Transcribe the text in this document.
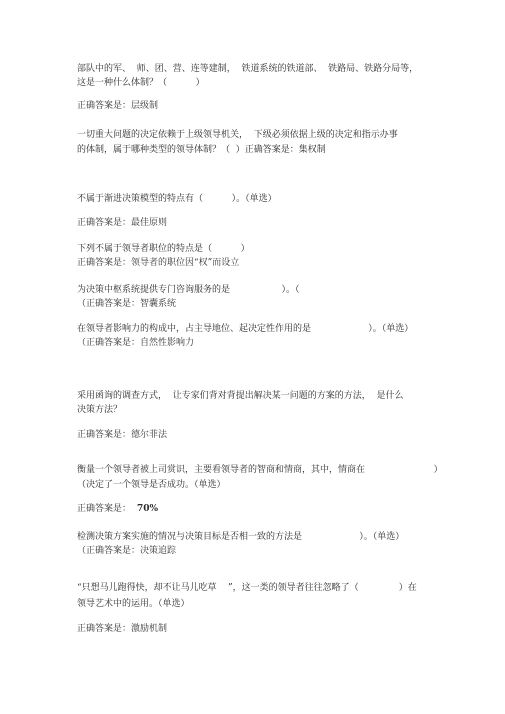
部队中的军、  师、团、营、连等建制，  铁道系统的铁道部、  铁路局、铁路分局等，
这是一种什么体制？（          ）
正确答案是：层级制
一切重大问题的决定依赖于上级领导机关，  下级必须依据上级的决定和指示办事
的体制，属于哪种类型的领导体制？（  ）正确答案是：集权制
不属于渐进决策模型的特点有（          ）。（单选）
正确答案是：最佳原则
下列不属于领导者职位的特点是（          ）
正确答案是：领导者的职位因“权”而设立
为决策中枢系统提供专门咨询服务的是                  ）。（
（正确答案是：智囊系统
在领导者影响力的构成中，占主导地位、起决定性作用的是                    ）。（单选）
（正确答案是：自然性影响力
采用函询的调查方式，  让专家们背对背提出解决某一问题的方案的方法，  是什么
决策方法？
正确答案是：德尔菲法
衡量一个领导者被上司赏识，主要看领导者的智商和情商，其中，情商在                        ）
（决定了一个领导是否成功。（单选）
正确答案是： 70%
检测决策方案实施的情况与决策目标是否相一致的方法是                    ）。（单选）
（正确答案是：决策追踪
“只想马儿跑得快，却不让马儿吃草    ”，这一类的领导者往往忽略了（              ）在
领导艺术中的运用。（单选）
正确答案是：激励机制
